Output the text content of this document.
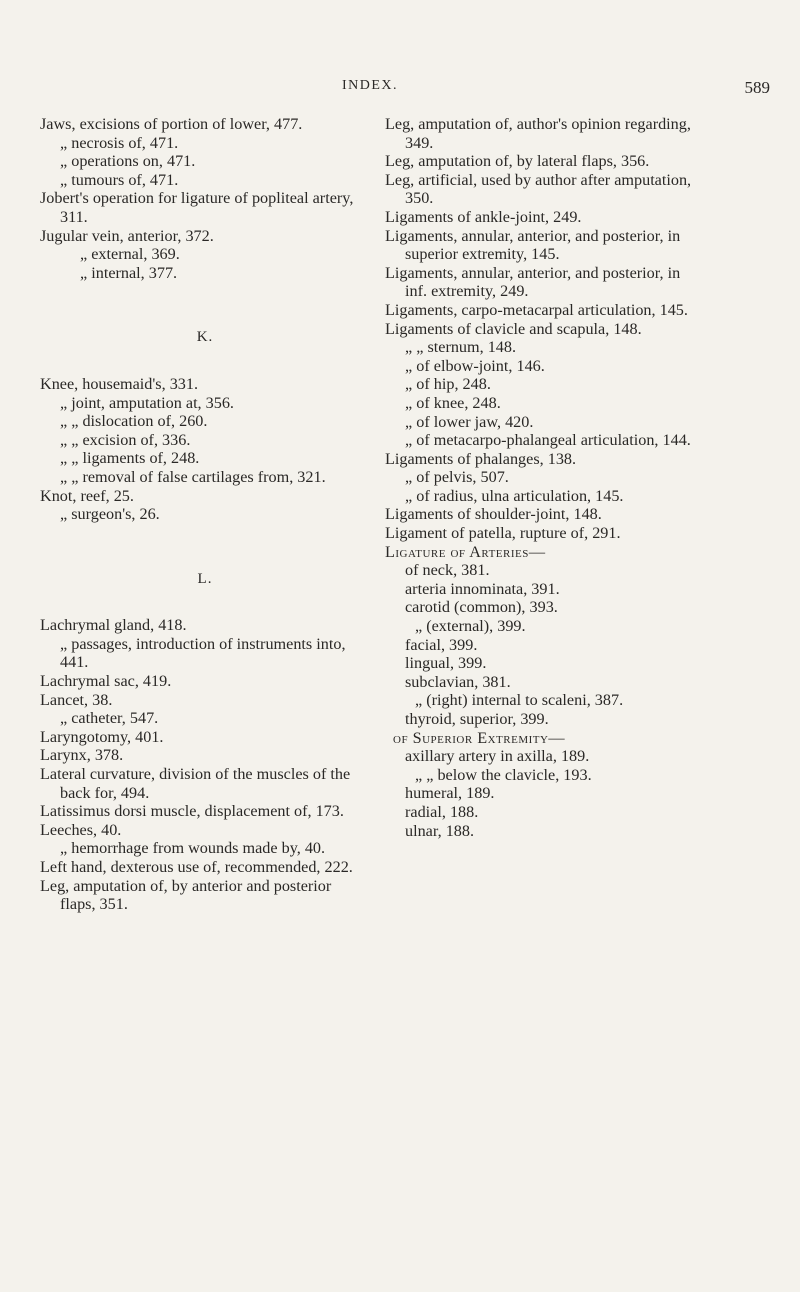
INDEX.	589

Jaws, excisions of portion of lower, 477.

„ necrosis of, 471.

„ operations on, 471.

„ tumours of, 471.

Jobert's operation for ligature of popliteal artery, 311.

Jugular vein, anterior, 372.

„ external, 369.

„ internal, 377.

K.

Knee, housemaid's, 331.

„ joint, amputation at, 356.

„ „ dislocation of, 260.

„ „ excision of, 336.

„ „ ligaments of, 248.

„ „ removal of false cartilages from, 321.

Knot, reef, 25.

„ surgeon's, 26.

L.

Lachrymal gland, 418.

„ passages, introduction of instruments into, 441.

Lachrymal sac, 419.

Lancet, 38.

„ catheter, 547.

Laryngotomy, 401.

Larynx, 378.

Lateral curvature, division of the muscles of the back for, 494.

Latissimus dorsi muscle, displacement of, 173.

Leeches, 40.

„ hemorrhage from wounds made by, 40.

Left hand, dexterous use of, recommended, 222.

Leg, amputation of, by anterior and posterior flaps, 351.

Leg, amputation of, author's opinion regarding, 349.

Leg, amputation of, by lateral flaps, 356.

Leg, artificial, used by author after amputation, 350.

Ligaments of ankle-joint, 249.

Ligaments, annular, anterior, and posterior, in superior extremity, 145.

Ligaments, annular, anterior, and posterior, in inf. extremity, 249.

Ligaments, carpo-metacarpal articulation, 145.

Ligaments of clavicle and scapula, 148.

„ „ sternum, 148.

„ of elbow-joint, 146.

„ of hip, 248.

„ of knee, 248.

„ of lower jaw, 420.

„ of metacarpo-phalangeal articulation, 144.

Ligaments of phalanges, 138.

„ of pelvis, 507.

„ of radius, ulna articulation, 145.

Ligaments of shoulder-joint, 148.

Ligament of patella, rupture of, 291.

Ligature of Arteries—

of neck, 381.

arteria innominata, 391.

carotid (common), 393.

„ (external), 399.

facial, 399.

lingual, 399.

subclavian, 381.

„ (right) internal to scaleni, 387.

thyroid, superior, 399.

of Superior Extremity—

axillary artery in axilla, 189.

„ „ below the clavicle, 193.

humeral, 189.

radial, 188.

ulnar, 188.
